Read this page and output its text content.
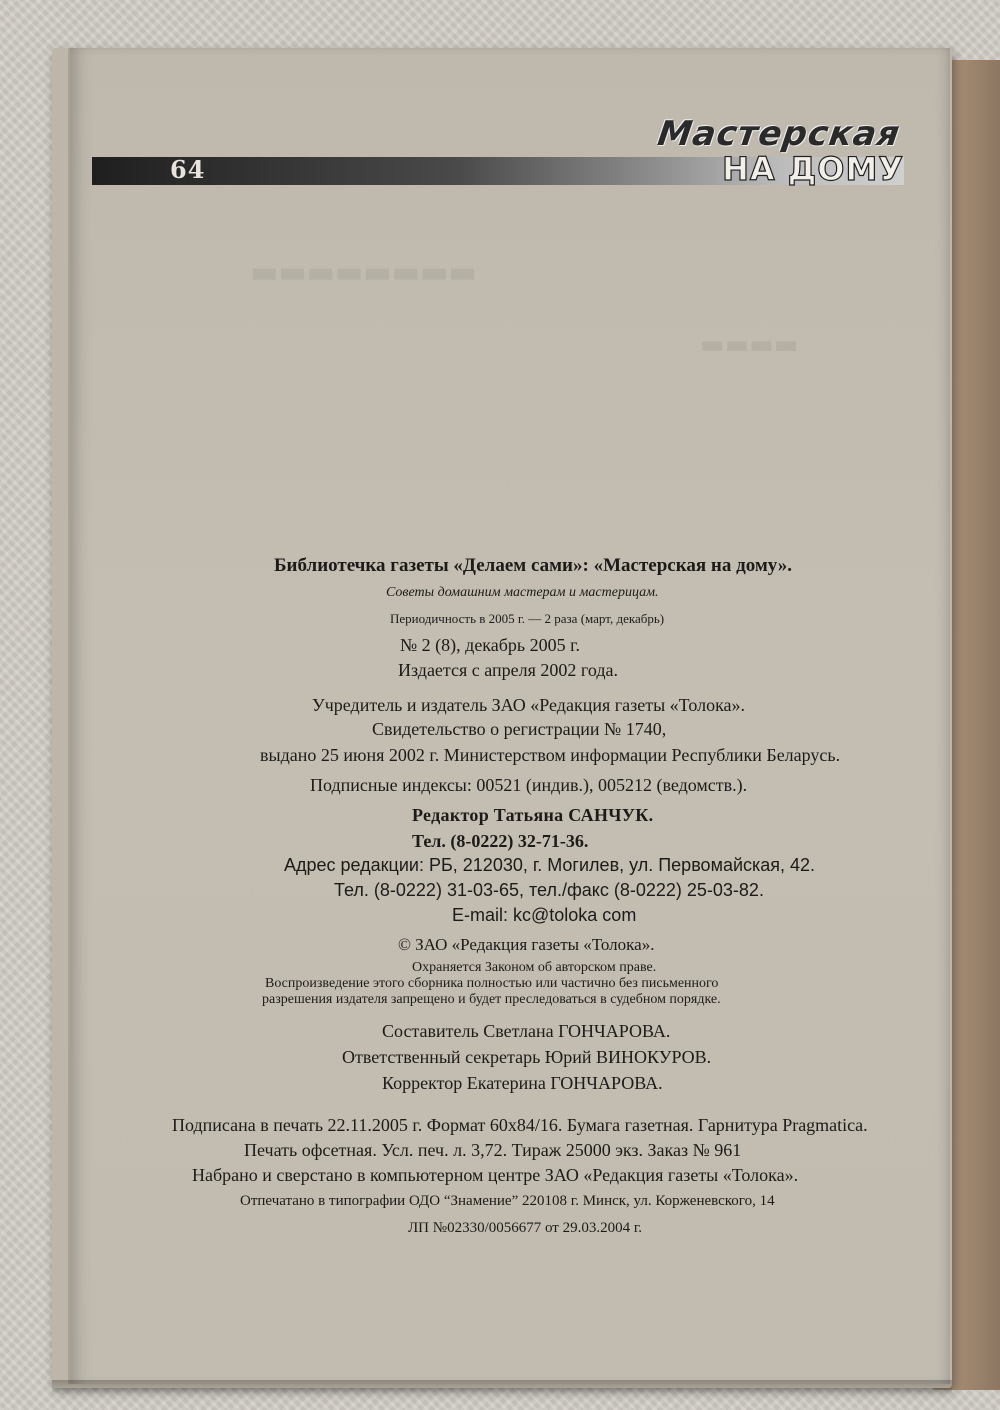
▬▬▬▬▬▬▬▬
▬▬▬▬
64
Мастерская
НА ДОМУ
Библиотечка газеты «Делаем сами»: «Мастерская на дому».
Советы домашним мастерам и мастерицам.
Периодичность в 2005 г. — 2 раза (март, декабрь)
№ 2 (8), декабрь 2005 г.
Издается с апреля 2002 года.
Учредитель и издатель ЗАО «Редакция газеты «Толока».
Свидетельство о регистрации № 1740,
выдано 25 июня 2002 г. Министерством информации Республики Беларусь.
Подписные индексы: 00521 (индив.), 005212 (ведомств.).
Редактор Татьяна САНЧУК.
Тел. (8-0222) 32-71-36.
Адрес редакции: РБ, 212030, г. Могилев, ул. Первомайская, 42.
Тел. (8-0222) 31-03-65, тел./факс (8-0222) 25-03-82.
E-mail: kc@toloka com
© ЗАО «Редакция газеты «Толока».
Охраняется Законом об авторском праве.
Воспроизведение этого сборника полностью или частично без письменного
разрешения издателя запрещено и будет преследоваться в судебном порядке.
Составитель Светлана ГОНЧАРОВА.
Ответственный секретарь Юрий ВИНОКУРОВ.
Корректор Екатерина ГОНЧАРОВА.
Подписана в печать 22.11.2005 г. Формат 60х84/16. Бумага газетная. Гарнитура Pragmatica.
Печать офсетная. Усл. печ. л. 3,72. Тираж 25000 экз. Заказ № 961
Набрано и сверстано в компьютерном центре ЗАО «Редакция газеты «Толока».
Отпечатано в типографии ОДО “Знамение” 220108 г. Минск, ул. Корженевского, 14
ЛП №02330/0056677 от 29.03.2004 г.
